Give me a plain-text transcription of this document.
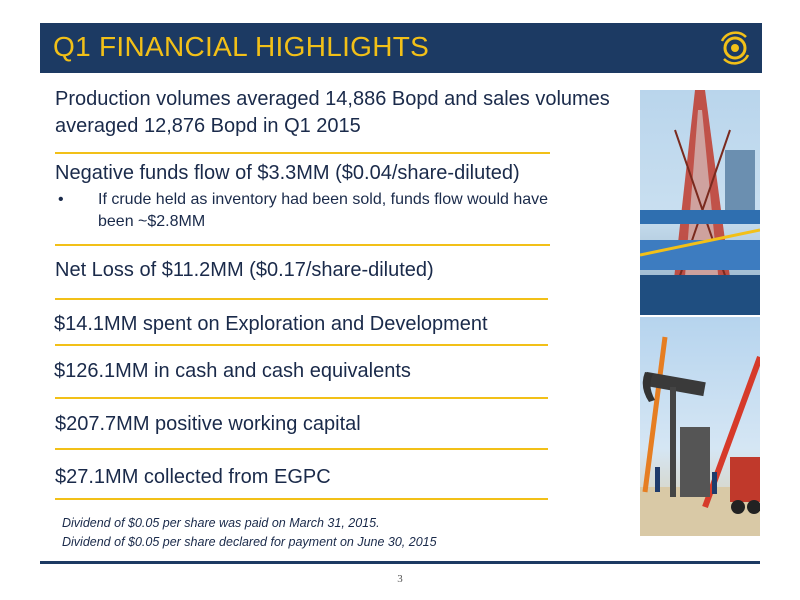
Q1 FINANCIAL HIGHLIGHTS
Production volumes averaged 14,886 Bopd and sales volumes
averaged 12,876 Bopd in Q1 2015
Negative funds flow of $3.3MM ($0.04/share-diluted)
•	If crude held as inventory had been sold, funds flow would have
been ~$2.8MM
Net Loss of $11.2MM ($0.17/share-diluted)
$14.1MM spent on Exploration and Development
$126.1MM in cash and cash equivalents
$207.7MM positive working capital
$27.1MM collected from EGPC
Dividend of $0.05 per share was paid on March 31, 2015.
Dividend of $0.05 per share declared for payment on June 30, 2015
3
